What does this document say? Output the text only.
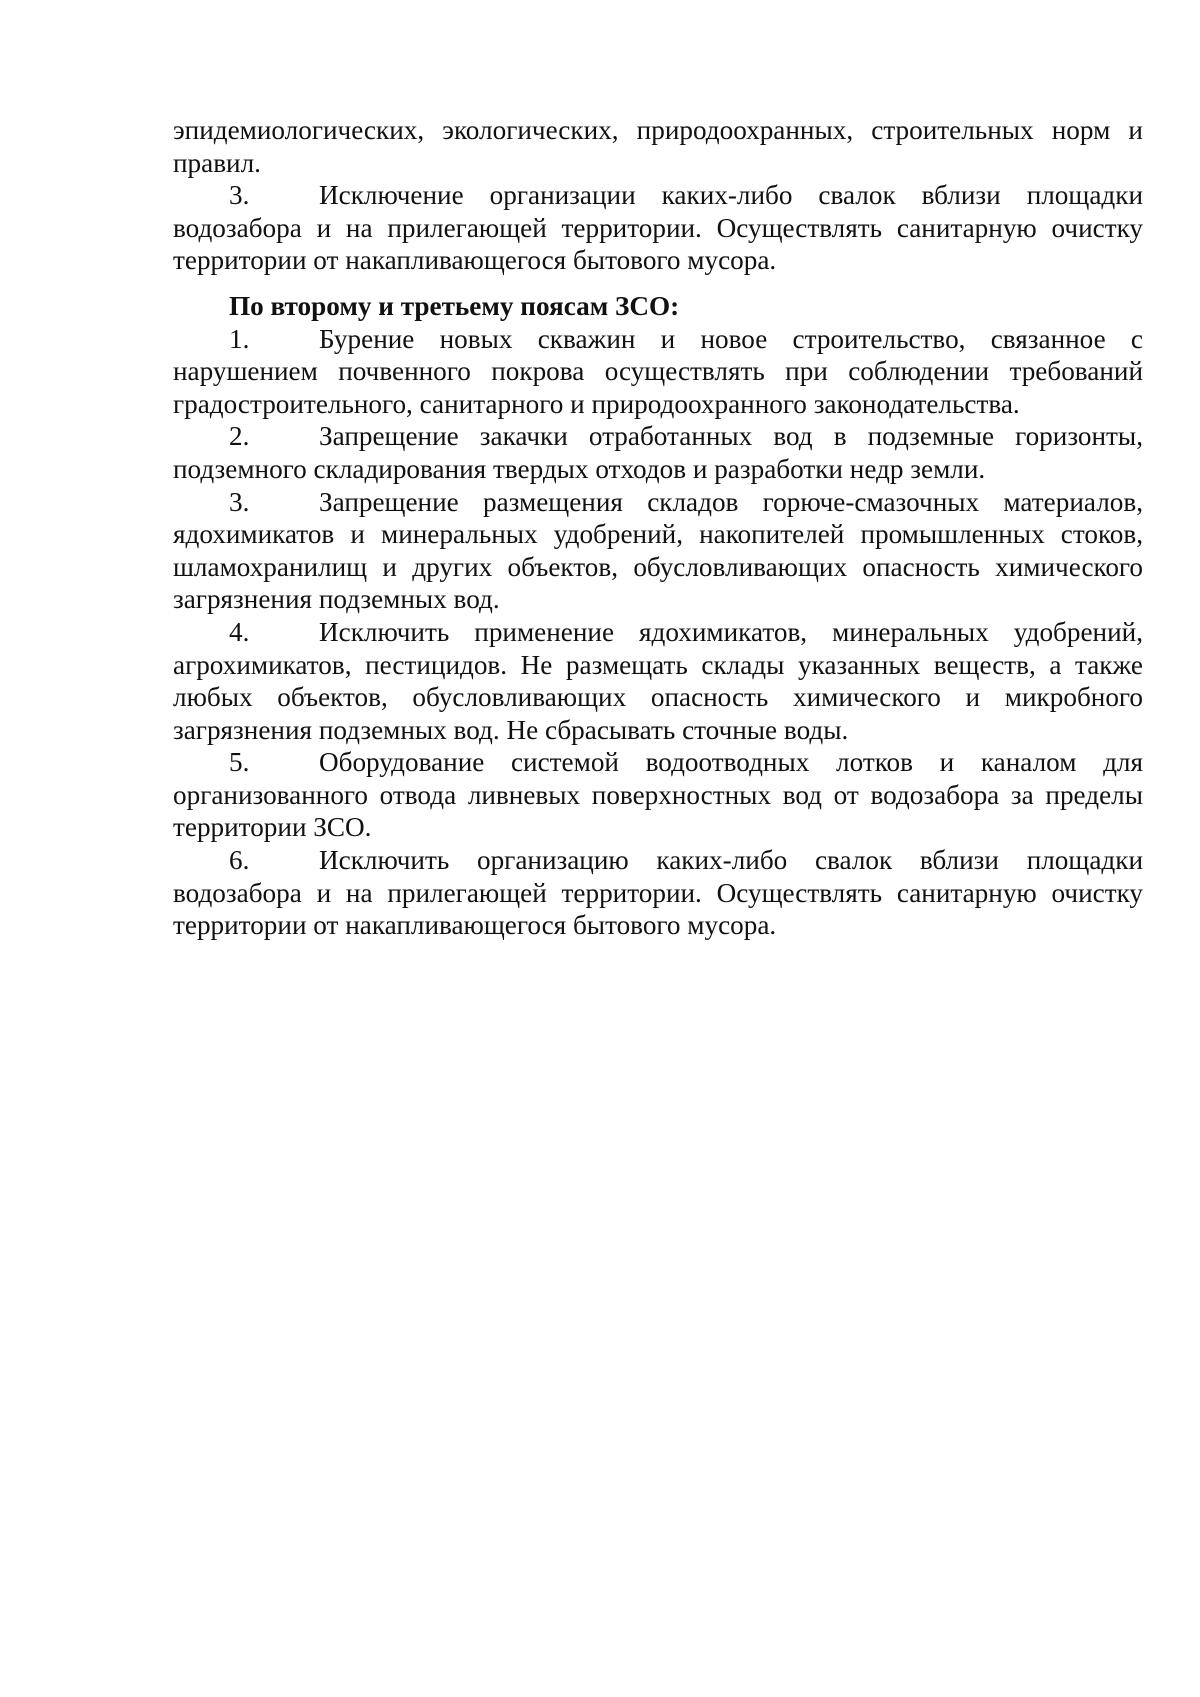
эпидемиологических, экологических, природоохранных, строительных норм и правил.

3.	Исключение организации каких-либо свалок вблизи площадки водозабора и на прилегающей территории. Осуществлять санитарную очистку территории от накапливающегося бытового мусора.

По второму и третьему поясам ЗСО:

1.	Бурение новых скважин и новое строительство, связанное с нарушением почвенного покрова осуществлять при соблюдении требований градостроительного, санитарного и природоохранного законодательства.

2.	Запрещение закачки отработанных вод в подземные горизонты, подземного складирования твердых отходов и разработки недр земли.

3.	Запрещение размещения складов горюче-смазочных материалов, ядохимикатов и минеральных удобрений, накопителей промышленных стоков, шламохранилищ и других объектов, обусловливающих опасность химического загрязнения подземных вод.

4.	Исключить применение ядохимикатов, минеральных удобрений, агрохимикатов, пестицидов. Не размещать склады указанных веществ, а также любых объектов, обусловливающих опасность химического и микробного загрязнения подземных вод. Не сбрасывать сточные воды.

5.	Оборудование системой водоотводных лотков и каналом для организованного отвода ливневых поверхностных вод от водозабора за пределы территории ЗСО.

6.	Исключить организацию каких-либо свалок вблизи площадки водозабора и на прилегающей территории. Осуществлять санитарную очистку территории от накапливающегося бытового мусора.
